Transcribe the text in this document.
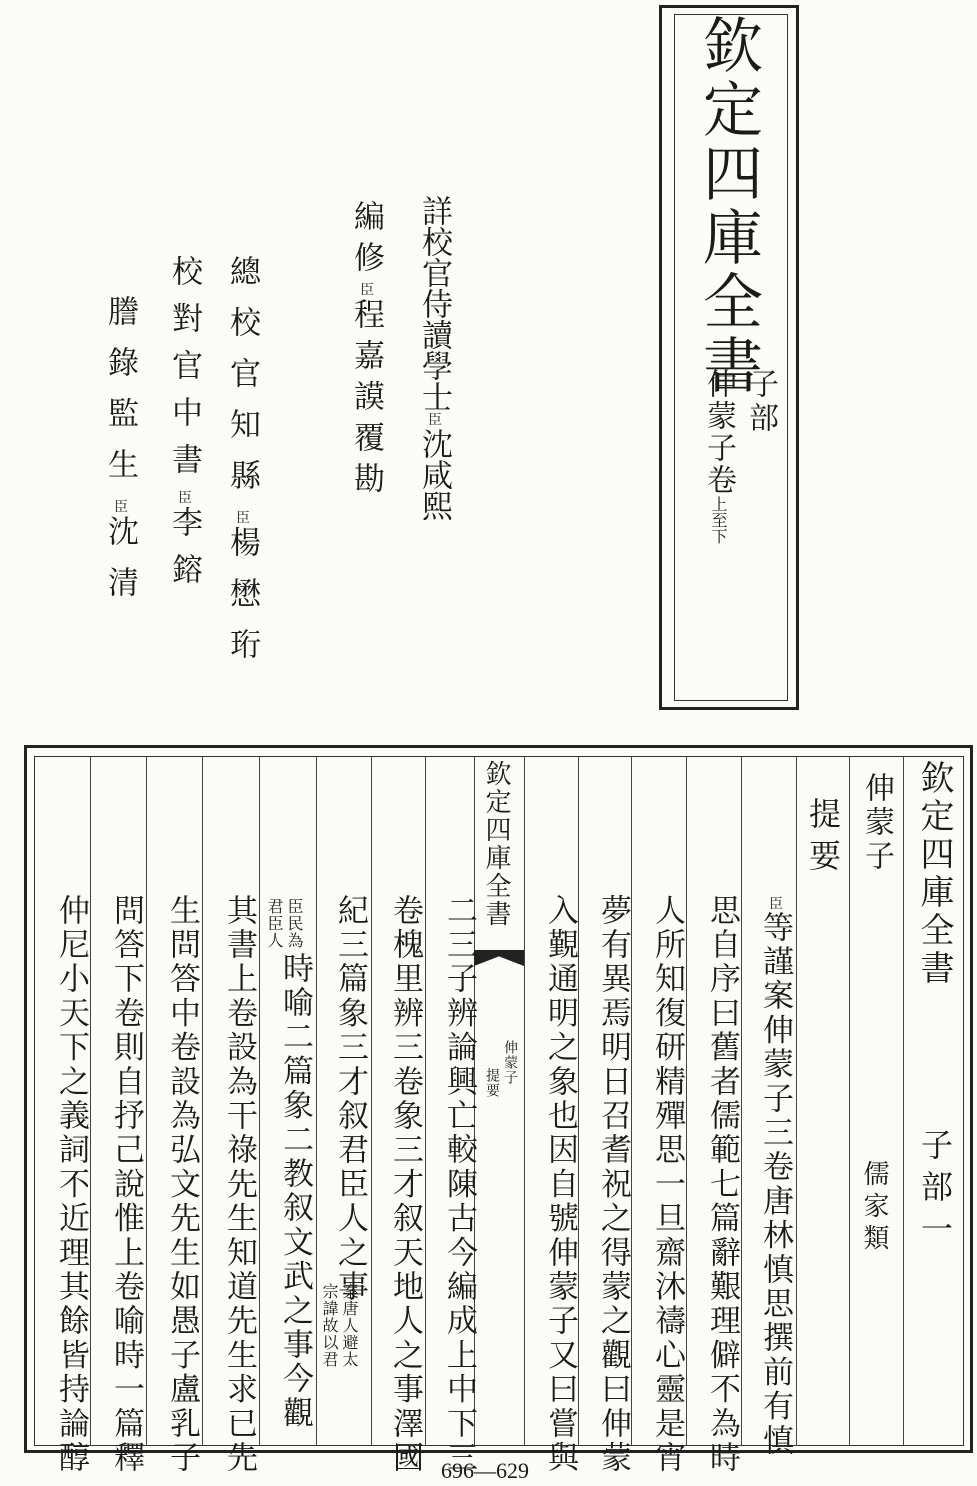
欽定四庫全書
子部
仲蒙子卷上至下
詳校官侍讀學士臣沈咸熙
編修臣程嘉謨覆勘
總校官知縣臣楊懋珩
校對官中書臣李鎔
謄錄監生臣沈清
欽定四庫全書
子部一
伸蒙子
儒家類
提要
臣等謹案伸蒙子三卷唐林慎思撰前有慎
思自序曰舊者儒範七篇辭艱理僻不為時
人所知復研精殫思一旦齋沐禱心靈是宵
夢有異焉明日召耆祝之得蒙之觀曰伸蒙
入覲通明之象也因自號伸蒙子又曰嘗與
欽定四庫全書
伸蒙子
提要
二三子辨論興亡較陳古今編成上中下三
卷槐里辨三卷象三才叙天地人之事澤國
紀三篇象三才叙君臣人之事
案唐人避太
宗諱故以君
臣民為
君臣人
時喻二篇象二教叙文武之事今觀
其書上卷設為干祿先生知道先生求已先
生問答中卷設為弘文先生如愚子盧乳子
問答下卷則自抒己說惟上卷喻時一篇釋
仲尼小天下之義詞不近理其餘皆持論醇	696—629
